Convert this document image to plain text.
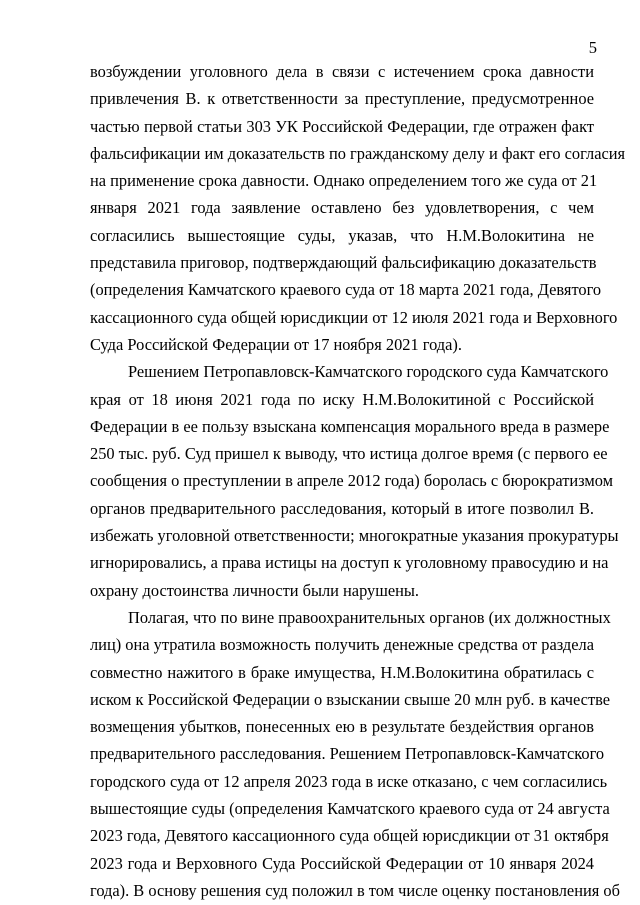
5

возбуждении уголовного дела в связи с истечением срока давности

привлечения В. к ответственности за преступление, предусмотренное

частью первой статьи 303 УК Российской Федерации, где отражен факт

фальсификации им доказательств по гражданскому делу и факт его согласия

на применение срока давности. Однако определением того же суда от 21

января 2021 года заявление оставлено без удовлетворения, с чем

согласились вышестоящие суды, указав, что Н.М.Волокитина не

представила приговор, подтверждающий фальсификацию доказательств

(определения Камчатского краевого суда от 18 марта 2021 года, Девятого

кассационного суда общей юрисдикции от 12 июля 2021 года и Верховного

Суда Российской Федерации от 17 ноября 2021 года).

Решением Петропавловск-Камчатского городского суда Камчатского

края от 18 июня 2021 года по иску Н.М.Волокитиной с Российской

Федерации в ее пользу взыскана компенсация морального вреда в размере

250 тыс. руб. Суд пришел к выводу, что истица долгое время (с первого ее

сообщения о преступлении в апреле 2012 года) боролась с бюрократизмом

органов предварительного расследования, который в итоге позволил В.

избежать уголовной ответственности; многократные указания прокуратуры

игнорировались, а права истицы на доступ к уголовному правосудию и на

охрану достоинства личности были нарушены.

Полагая, что по вине правоохранительных органов (их должностных

лиц) она утратила возможность получить денежные средства от раздела

совместно нажитого в браке имущества, Н.М.Волокитина обратилась с

иском к Российской Федерации о взыскании свыше 20 млн руб. в качестве

возмещения убытков, понесенных ею в результате бездействия органов

предварительного расследования. Решением Петропавловск-Камчатского

городского суда от 12 апреля 2023 года в иске отказано, с чем согласились

вышестоящие суды (определения Камчатского краевого суда от 24 августа

2023 года, Девятого кассационного суда общей юрисдикции от 31 октября

2023 года и Верховного Суда Российской Федерации от 10 января 2024

года). В основу решения суд положил в том числе оценку постановления об
